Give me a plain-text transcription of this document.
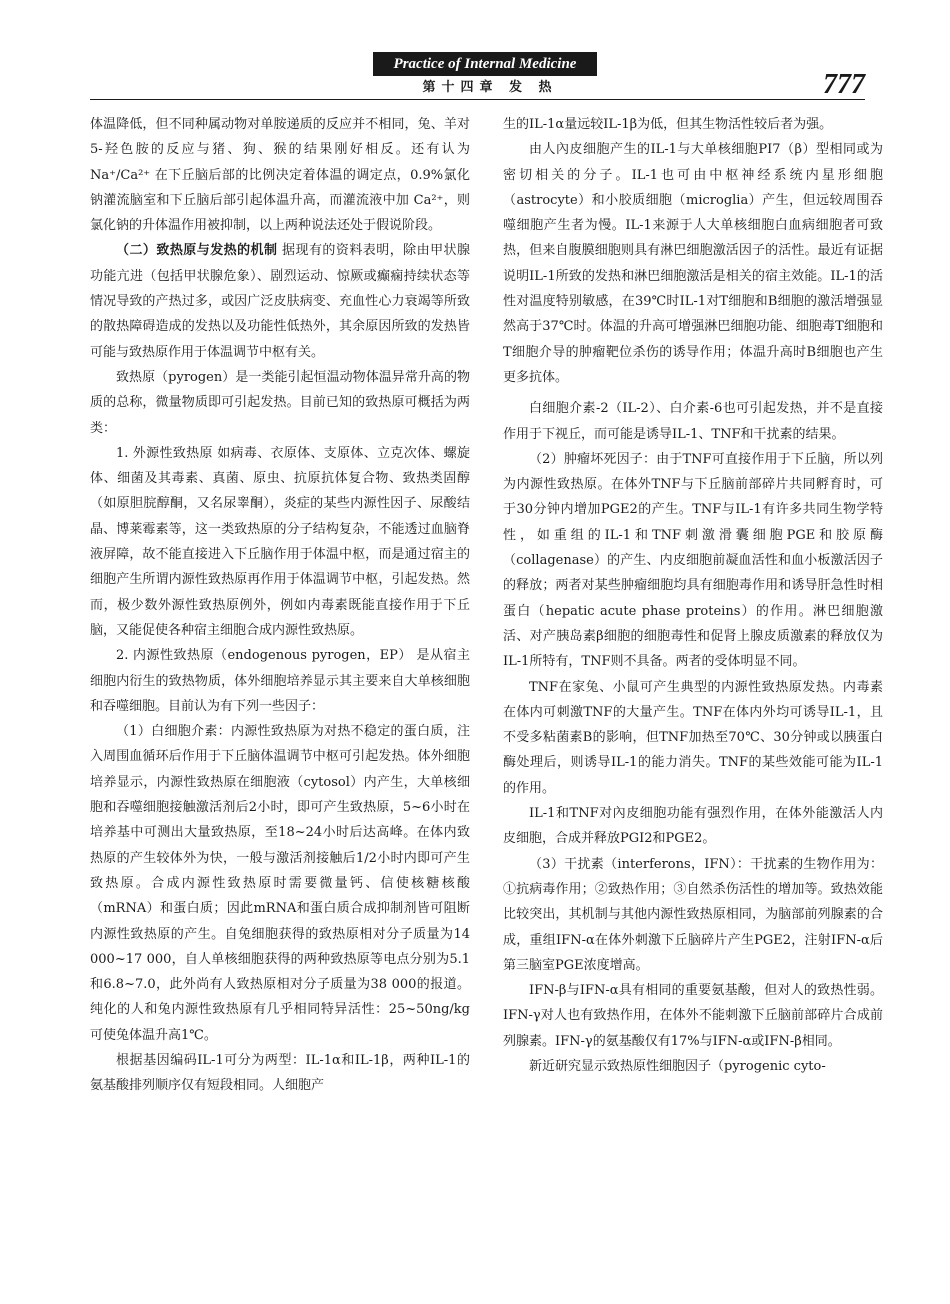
Practice of Internal Medicine
第十四章 发 热	777

体温降低，但不同种属动物对单胺递质的反应并不相同，兔、羊对5-羟色胺的反应与猪、狗、猴的结果刚好相反。还有认为 Na⁺/Ca²⁺ 在下丘脑后部的比例决定着体温的调定点，0.9%氯化钠灌流脑室和下丘脑后部引起体温升高，而灌流液中加 Ca²⁺，则氯化钠的升体温作用被抑制，以上两种说法还处于假说阶段。

（二）致热原与发热的机制 据现有的资料表明，除由甲状腺功能亢进（包括甲状腺危象）、剧烈运动、惊厥或癫痫持续状态等情况导致的产热过多，或因广泛皮肤病变、充血性心力衰竭等所致的散热障碍造成的发热以及功能性低热外，其余原因所致的发热皆可能与致热原作用于体温调节中枢有关。

致热原（pyrogen）是一类能引起恒温动物体温异常升高的物质的总称，微量物质即可引起发热。目前已知的致热原可概括为两类：

1. 外源性致热原 如病毒、衣原体、支原体、立克次体、螺旋体、细菌及其毒素、真菌、原虫、抗原抗体复合物、致热类固醇（如原胆脘醇酮，又名尿睾酮），炎症的某些内源性因子、尿酸结晶、博莱霉素等，这一类致热原的分子结构复杂，不能透过血脑脊液屏障，故不能直接进入下丘脑作用于体温中枢，而是通过宿主的细胞产生所谓内源性致热原再作用于体温调节中枢，引起发热。然而，极少数外源性致热原例外，例如内毒素既能直接作用于下丘脑，又能促使各种宿主细胞合成内源性致热原。

2. 内源性致热原（endogenous pyrogen，EP） 是从宿主细胞内衍生的致热物质，体外细胞培养显示其主要来自大单核细胞和吞噬细胞。目前认为有下列一些因子：

（1）白细胞介素：内源性致热原为对热不稳定的蛋白质，注入周围血循环后作用于下丘脑体温调节中枢可引起发热。体外细胞培养显示，内源性致热原在细胞液（cytosol）内产生，大单核细胞和吞噬细胞接触激活剂后2小时，即可产生致热原，5~6小时在培养基中可测出大量致热原，至18~24小时后达高峰。在体内致热原的产生较体外为快，一般与激活剂接触后1/2小时内即可产生致热原。合成内源性致热原时需要微量钙、信使核糖核酸（mRNA）和蛋白质；因此mRNA和蛋白质合成抑制剂皆可阻断内源性致热原的产生。自兔细胞获得的致热原相对分子质量为14 000~17 000，自人单核细胞获得的两种致热原等电点分别为5.1和6.8~7.0，此外尚有人致热原相对分子质量为38 000的报道。纯化的人和兔内源性致热原有几乎相同特异活性：25~50ng/kg可使兔体温升高1℃。

根据基因编码IL-1可分为两型：IL-1α和IL-1β，两种IL-1的氨基酸排列顺序仅有短段相同。人细胞产

生的IL-1α量远较IL-1β为低，但其生物活性较后者为强。

由人內皮细胞产生的IL-1与大单核细胞PI7（β）型相同或为密切相关的分子。IL-1也可由中枢神经系统内星形细胞（astrocyte）和小胶质细胞（microglia）产生，但远较周围吞噬细胞产生者为慢。IL-1来源于人大单核细胞白血病细胞者可致热，但来自腹膜细胞则具有淋巴细胞激活因子的活性。最近有证据说明IL-1所致的发热和淋巴细胞激活是相关的宿主效能。IL-1的活性对温度特别敏感，在39℃时IL-1对T细胞和B细胞的激活增强显然高于37℃时。体温的升高可增强淋巴细胞功能、细胞毒T细胞和T细胞介导的肿瘤靶位杀伤的诱导作用；体温升高时B细胞也产生更多抗体。

白细胞介素-2（IL-2）、白介素-6也可引起发热，并不是直接作用于下视丘，而可能是诱导IL-1、TNF和干扰素的结果。

（2）肿瘤坏死因子：由于TNF可直接作用于下丘脑，所以列为内源性致热原。在体外TNF与下丘脑前部碎片共同孵育时，可于30分钟内增加PGE2的产生。TNF与IL-1有许多共同生物学特性，如重组的IL-1和TNF刺激滑囊细胞PGE和胶原酶（collagenase）的产生、内皮细胞前凝血活性和血小板激活因子的释放；两者对某些肿瘤细胞均具有细胞毒作用和诱导肝急性时相蛋白（hepatic acute phase proteins）的作用。淋巴细胞激活、对产胰岛素β细胞的细胞毒性和促肾上腺皮质激素的释放仅为IL-1所特有，TNF则不具备。两者的受体明显不同。

TNF在家兔、小鼠可产生典型的内源性致热原发热。内毒素在体内可刺激TNF的大量产生。TNF在体内外均可诱导IL-1，且不受多粘菌素B的影响，但TNF加热至70℃、30分钟或以胰蛋白酶处理后，则诱导IL-1的能力消失。TNF的某些效能可能为IL-1的作用。

IL-1和TNF对內皮细胞功能有强烈作用，在体外能激活人内皮细胞，合成并释放PGI2和PGE2。

（3）干扰素（interferons，IFN）：干扰素的生物作用为：①抗病毒作用；②致热作用；③自然杀伤活性的增加等。致热效能比较突出，其机制与其他内源性致热原相同，为脑部前列腺素的合成，重组IFN-α在体外刺激下丘脑碎片产生PGE2，注射IFN-α后第三脑室PGE浓度增高。

IFN-β与IFN-α具有相同的重要氨基酸，但对人的致热性弱。IFN-γ对人也有致热作用，在体外不能刺激下丘脑前部碎片合成前列腺素。IFN-γ的氨基酸仅有17%与IFN-α或IFN-β相同。

新近研究显示致热原性细胞因子（pyrogenic cyto-
